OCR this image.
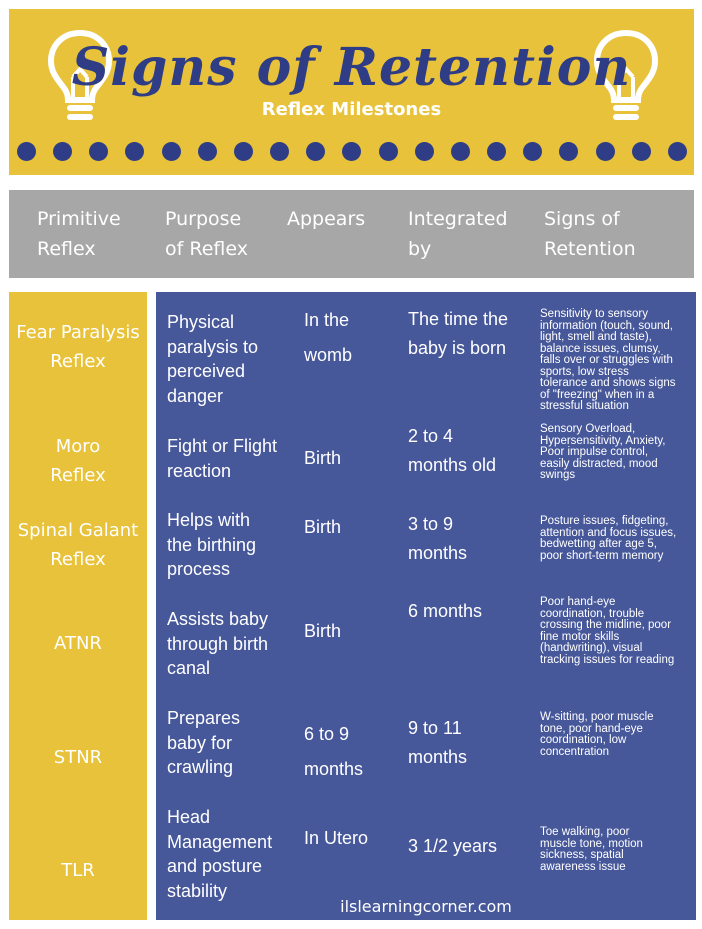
Signs of Retention
Reflex Milestones
Primitive
Reflex
Purpose
of Reflex
Appears Integrated
by
Signs of
Retention
Fear Paralysis
Reflex
Moro
Reflex
Spinal Galant
Reflex
ATNR
STNR
TLR
Physical
paralysis to
perceived
danger
In the
womb
The time the
baby is born
Sensitivity to sensory
information (touch, sound,
light, smell and taste),
balance issues, clumsy,
falls over or struggles with
sports, low stress
tolerance and shows signs
of "freezing" when in a
stressful situation
Fight or Flight
reaction
Birth
2 to 4
months old
Sensory Overload,
Hypersensitivity, Anxiety,
Poor impulse control,
easily distracted, mood
swings
Helps with
the birthing
process
Birth	3 to 9
months
Posture issues, fidgeting,
attention and focus issues,
bedwetting after age 5,
poor short-term memory
Assists baby
through birth
canal
Birth
6 months	Poor hand-eye
coordination, trouble
crossing the midline, poor
fine motor skills
(handwriting), visual
tracking issues for reading
Prepares
baby for
crawling
6 to 9
months
9 to 11
months
W-sitting, poor muscle
tone, poor hand-eye
coordination, low
concentration
Head
Management
and posture
stability
In Utero 3 1/2 years
Toe walking, poor
muscle tone, motion
sickness, spatial
awareness issue
ilslearningcorner.com
